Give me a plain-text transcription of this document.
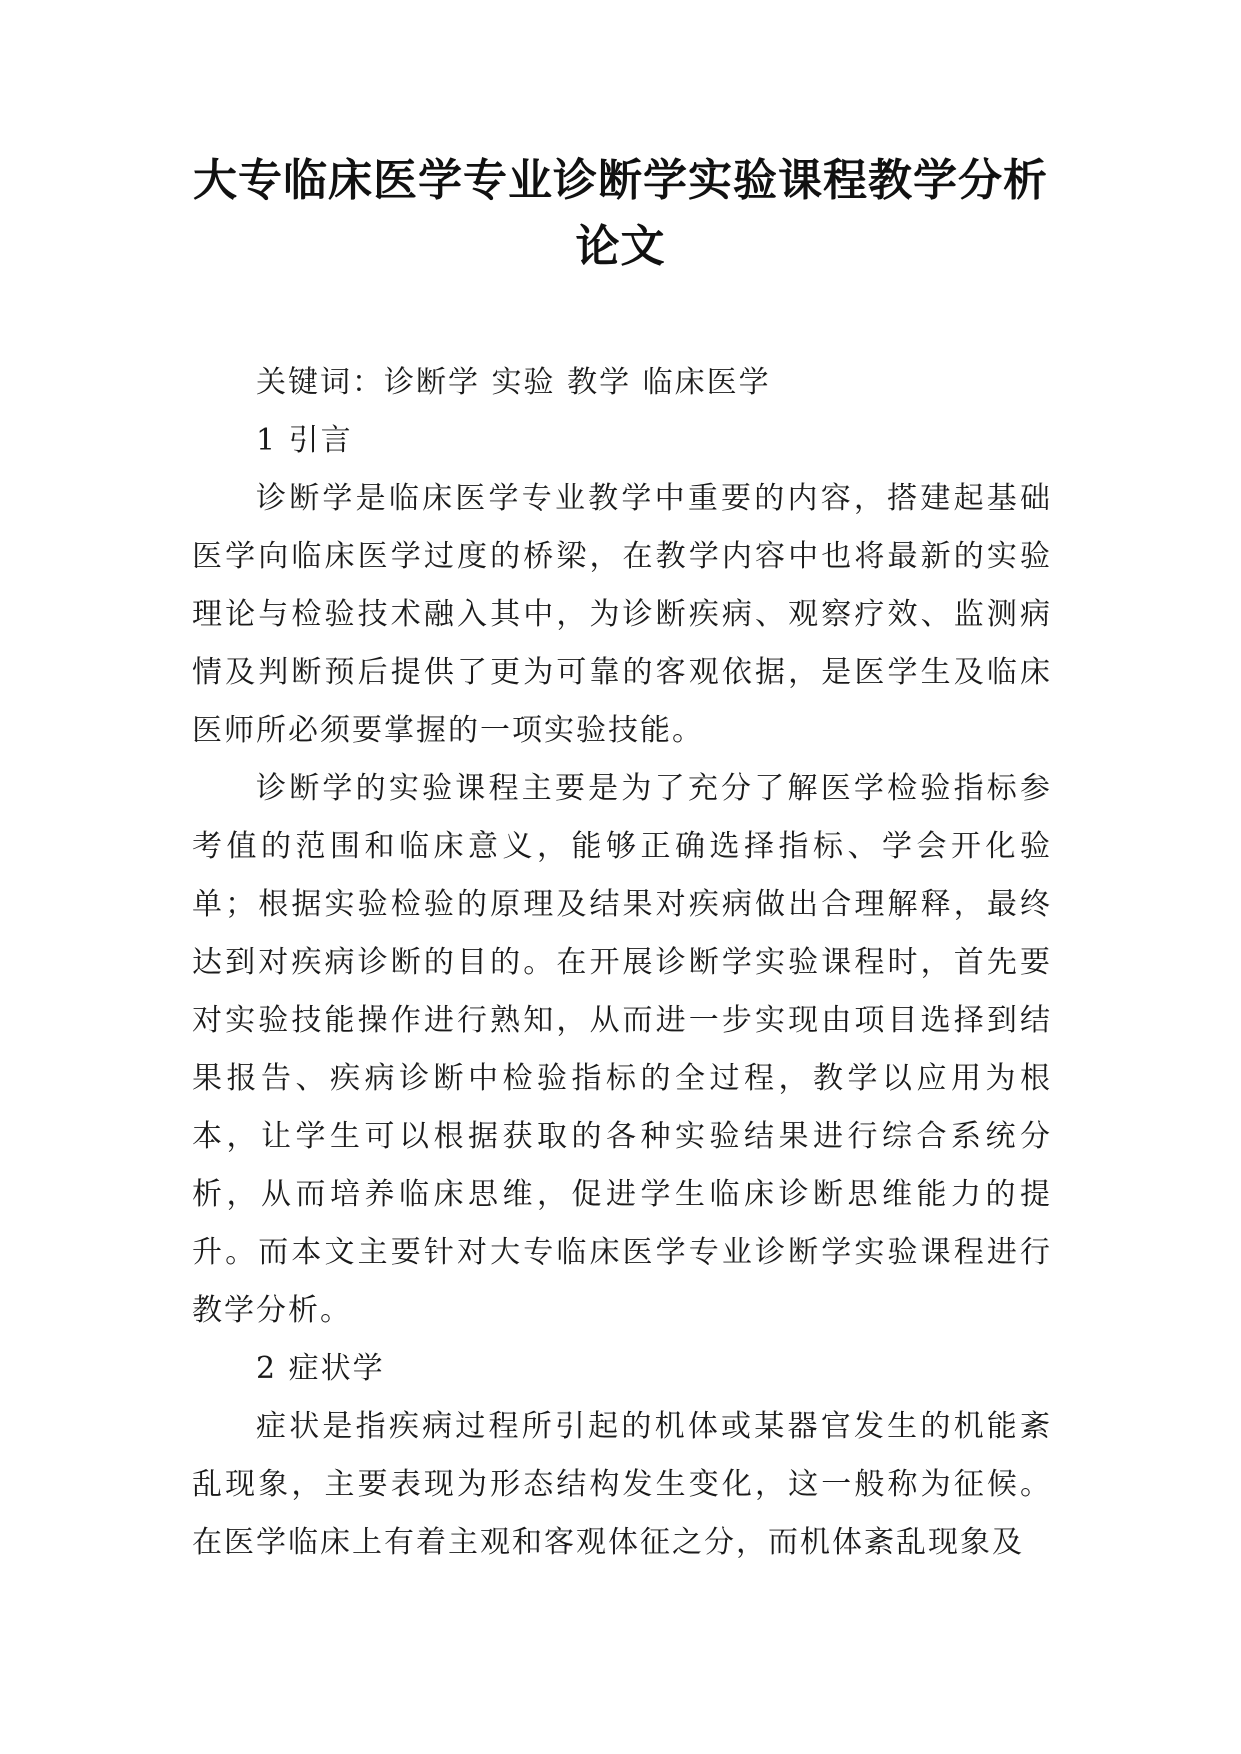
大专临床医学专业诊断学实验课程教学分析论文

关键词：诊断学 实验 教学 临床医学

1 引言

诊断学是临床医学专业教学中重要的内容，搭建起基础医学向临床医学过度的桥梁，在教学内容中也将最新的实验理论与检验技术融入其中，为诊断疾病、观察疗效、监测病情及判断预后提供了更为可靠的客观依据，是医学生及临床医师所必须要掌握的一项实验技能。

诊断学的实验课程主要是为了充分了解医学检验指标参考值的范围和临床意义，能够正确选择指标、学会开化验单；根据实验检验的原理及结果对疾病做出合理解释，最终达到对疾病诊断的目的。在开展诊断学实验课程时，首先要对实验技能操作进行熟知，从而进一步实现由项目选择到结果报告、疾病诊断中检验指标的全过程，教学以应用为根本，让学生可以根据获取的各种实验结果进行综合系统分析，从而培养临床思维，促进学生临床诊断思维能力的提升。而本文主要针对大专临床医学专业诊断学实验课程进行教学分析。

2 症状学

症状是指疾病过程所引起的机体或某器官发生的机能紊乱现象，主要表现为形态结构发生变化，这一般称为征候。在医学临床上有着主观和客观体征之分，而机体紊乱现象及
